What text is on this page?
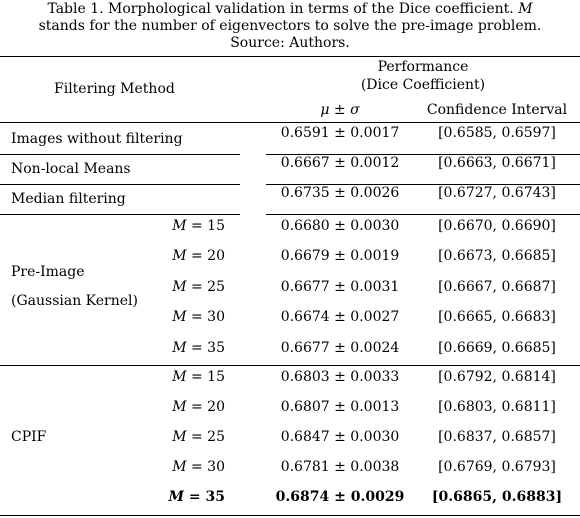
Table 1. Morphological validation in terms of the Dice coefficient. M
stands for the number of eigenvectors to solve the pre-image problem.
Source: Authors.
Filtering Method
Performance
(Dice Coefficient)
μ ± σ	Confidence Interval
Images without filtering	0.6591 ± 0.0017	[0.6585, 0.6597]
Non-local Means	0.6667 ± 0.0012	[0.6663, 0.6671]
Median filtering	0.6735 ± 0.0026	[0.6727, 0.6743]
Pre-Image
(Gaussian Kernel)
M = 15	0.6680 ± 0.0030	[0.6670, 0.6690]
M = 20	0.6679 ± 0.0019	[0.6673, 0.6685]
M = 25	0.6677 ± 0.0031	[0.6667, 0.6687]
M = 30	0.6674 ± 0.0027	[0.6665, 0.6683]
M = 35	0.6677 ± 0.0024	[0.6669, 0.6685]
CPIF
M = 15	0.6803 ± 0.0033	[0.6792, 0.6814]
M = 20	0.6807 ± 0.0013	[0.6803, 0.6811]
M = 25	0.6847 ± 0.0030	[0.6837, 0.6857]
M = 30	0.6781 ± 0.0038	[0.6769, 0.6793]
M = 35	0.6874 ± 0.0029	[0.6865, 0.6883]
